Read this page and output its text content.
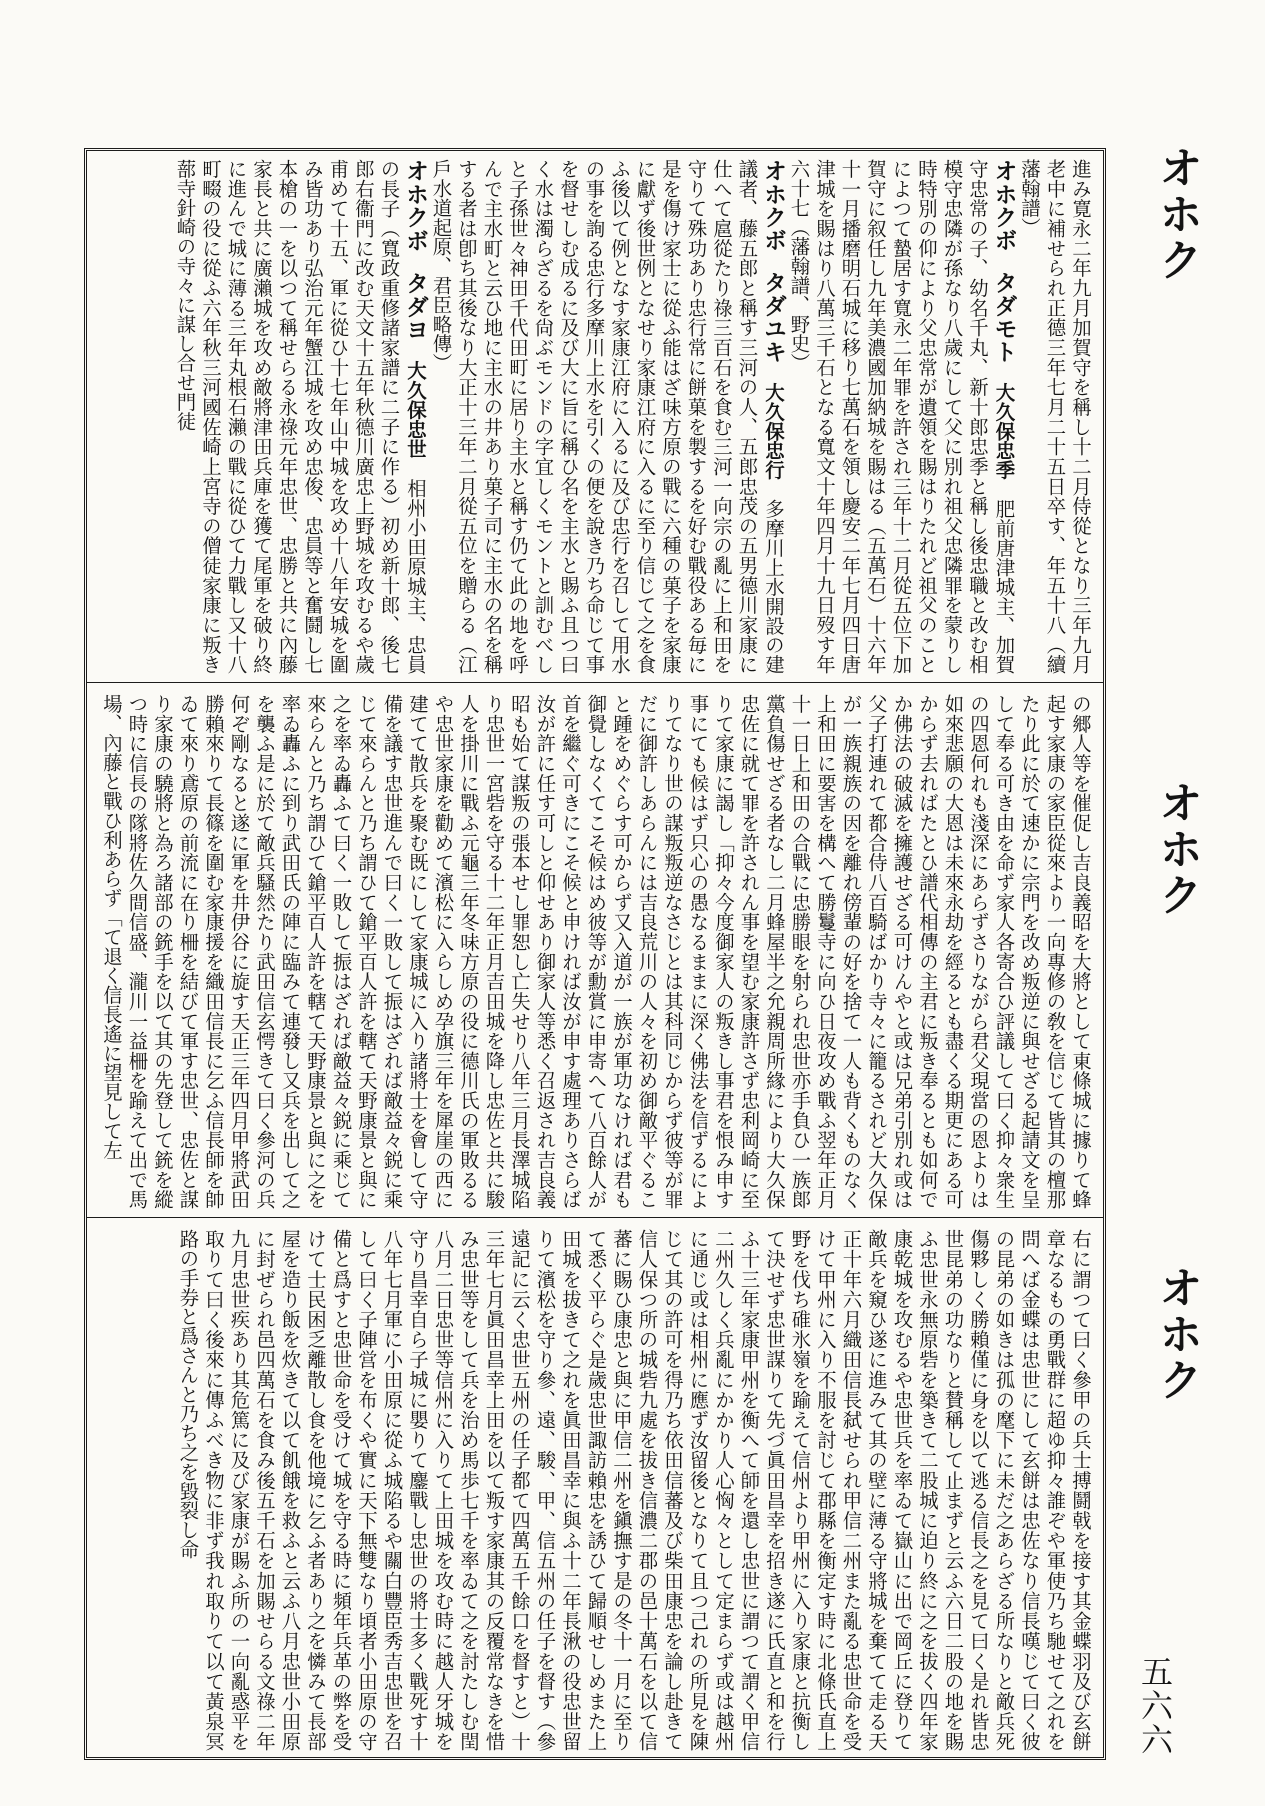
オホク
オホク
オホク
五六六

進み寛永二年九月加賀守を稱し十二月侍從となり三年九月老中に補せられ正德三年七月二十五日卒す、年五十八（續藩翰譜）

オホクボ　タダモト　大久保忠季　肥前唐津城主、加賀守忠常の子、幼名千丸、新十郎忠季と稱し後忠職と改む相模守忠隣が孫なり八歲にして父に別れ祖父忠隣罪を蒙りし時特別の仰により父忠常が遺領を賜はりたれど祖父のことによつて蟄居す寬永二年罪を許され三年十二月從五位下加賀守に叙任し九年美濃國加納城を賜はる（五萬石）十六年十一月播磨明石城に移り七萬石を領し慶安二年七月四日唐津城を賜はり八萬三千石となる寬文十年四月十九日歿す年六十七（藩翰譜、野史）

オホクボ　タダユキ　大久保忠行　多摩川上水開設の建議者、藤五郎と稱す三河の人、五郎忠茂の五男德川家康に仕へて扈從たり祿三百石を食む三河一向宗の亂に上和田を守りて殊功あり忠行常に餅菓を製するを好む戰役ある毎に是を傷け家士に從ふ能はざ味方原の戰に六種の菓子を家康に獻ず後世例となせり家康江府に入るに至り信じて之を食ふ後以て例となす家康江府に入るに及び忠行を召して用水の事を詢る忠行多摩川上水を引くの便を說き乃ち命じて事を督せしむ成るに及び大に旨に稱ひ名を主水と賜ふ且つ曰く水は濁らざるを尙ぶモンドの字宜しくモントと訓むべしと子孫世々神田千代田町に居り主水と稱す仍て此の地を呼んで主水町と云ひ地に主水の井あり菓子司に主水の名を稱する者は卽ち其後なり大正十三年二月從五位を贈らる（江戶水道起原、君臣略傳）

オホクボ　タダヨ　大久保忠世　相州小田原城主、忠員の長子（寬政重修諸家譜に二子に作る）初め新十郎、後七郎右衞門に改む天文十五年秋德川廣忠上野城を攻むるや歲甫めて十五、軍に從ひ十七年山中城を攻め十八年安城を圍み皆功あり弘治元年蟹江城を攻め忠俊、忠員等と奮鬪し七本槍の一を以つて稱せらる永祿元年忠世、忠勝と共に內藤家長と共に廣瀨城を攻め敵將津田兵庫を獲て尾軍を破り終に進んで城に薄る三年丸根石瀨の戰に從ひて力戰し又十八町畷の役に從ふ六年秋三河國佐崎上宮寺の僧徒家康に叛き蔀寺針崎の寺々に謀し合せ門徒

の郷人等を催促し吉良義昭を大將として東條城に據りて蜂起す家康の家臣從來より一向專修の敎を信じて皆其の檀那たり此に於て速かに宗門を改め叛逆に與せざる起請文を呈して奉る可き由を命ず家人各寄合ひ評議して曰く抑々衆生の四恩何れも淺深にあらずさりながら君父現當の恩よりは如來悲願の大恩は未來永劫を經るとも盡くる期更にある可からず去ればたとひ譜代相傳の主君に叛き奉るとも如何でか佛法の破滅を擁護せざる可けんやと或は兄弟引別れ或は父子打連れて都合侍八百騎ばかり寺々に籠るされど大久保が一族親族の因を離れ傍輩の好を捨て一人も背くものなく上和田に要害を構へて勝鬘寺に向ひ日夜攻め戰ふ翌年正月十一日上和田の合戰に忠勝眼を射られ忠世亦手負ひ一族郞黨負傷せざる者なし二月蜂屋半之允親周所緣により大久保忠佐に就て罪を許されん事を望む家康許さず忠利岡崎に至りて家康に謁し「抑々今度御家人の叛きし事君を恨み申す事にても候はず只心の愚なるままに深く佛法を信ずるによりてなり世の謀叛叛逆なさじとは其科同じからず彼等が罪だに御許しあらんには吉良荒川の人々を初め御敵平ぐること踵をめぐらす可からず又入道が一族が軍功なければ君も御覺しなくてこそ候はめ彼等が勳賞に申寄へて八百餘人が首を繼ぐ可きにこそ候と申ければ汝が申す處理ありさらば汝が許に任す可しと仰せあり御家人等悉く召返され吉良義昭も始て謀叛の張本せし罪恕し亡失せり八年三月長澤城陷り忠世一宮砦を守る十二年正月吉田城を降し忠佐と共に駿人を掛川に戰ふ元龜三年冬味方原の役に德川氏の軍敗るるや忠世家康を勸めて濱松に入らしめ孕旗三年を犀崖の西に建てて散兵を聚む既にして家康城に入り諸將士を會して守備を議す忠世進んで曰く一敗して振はざれば敵益々鋭に乘じて來らんと乃ち謂ひて鎗平百人許を轄て天野康景と與に之を率ゐ轟ふて曰く一敗して振はざれば敵益々鋭に乘じて來らんと乃ち謂ひて鎗平百人許を轄て天野康景と與に之を率ゐ轟ふに到り武田氏の陣に臨みて連發し又兵を出して之を襲ふ是に於て敵兵騷然たり武田信玄愕きて曰く參河の兵何ぞ剛なると遂に軍を井伊谷に旋す天正三年四月甲將武田勝賴來りて長篠を圍む家康援を織田信長に乞ふ信長師を帥ゐて來り鳶原の前流に在り柵を結びて軍す忠世、忠佐と謀り家康の驍將と為ろ諸部の銃手を以て其の先登して銃を縱つ時に信長の隊將佐久間信盛、瀧川一益柵を踰えて出で馬場、內藤と戰ひ利あらず「て退く信長遙に望見して左

右に謂つて曰く參甲の兵士搏鬪戟を接す其金蝶羽及び玄餅章なるもの勇戰群に超ゆ抑々誰ぞや軍使乃ち馳せて之れを問へば金蝶は忠世にして玄餅は忠佐なり信長嘆じて曰く彼の昆弟の如きは孤の麾下に未だ之あらざる所なりと敵兵死傷夥しく勝賴僅に身を以て逃る信長之を見て曰く是れ皆忠世昆弟の功なりと賛稱して止まずと云ふ六日二股の地を賜ふ忠世永無原砦を築きて二股城に迫り終に之を拔く四年家康乾城を攻むるや忠世兵を率ゐて嶽山に出で岡丘に登りて敵兵を窺ひ遂に進みて其の壁に薄る守將城を棄てて走る天正十年六月織田信長弑せられ甲信二州また亂る忠世命を受けて甲州に入り不服を討じて郡縣を衡定す時に北條氏直上野を伐ち碓氷嶺を踰えて信州より甲州に入り家康と抗衡して決せず忠世謀りて先づ眞田昌幸を招き遂に氏直と和を行ふ十三年家康甲州を衡へて師を還し忠世に謂つて謂く甲信二州久しく兵亂にかかり人心恟々として定まらず或は越州に通じ或は相州に應ず汝留後となりて且つ己れの所見を陳じて其の許可を得乃ち依田信蕃及び柴田康忠を論し赴きて信人保つ所の城砦九處を拔き信濃二郡の邑十萬石を以て信蕃に賜ひ康忠と與に甲信二州を鎭撫す是の冬十一月に至りて悉く平らぐ是歲忠世諏訪賴忠を誘ひて歸順せしめまた上田城を拔きて之れを眞田昌幸に與ふ十二年長湫の役忠世留りて濱松を守り參、遠、駿、甲、信五州の任子を督す（參遠記に云く忠世五州の任子都て四萬五千餘口を督すと）十三年七月眞田昌幸上田を以て叛す家康其の反覆常なきを惜み忠世等をして兵を治め馬歩七千を率ゐて之を討たしむ閏八月二日忠世等信州に入りて上田城を攻む時に越人牙城を守り昌幸自ら子城に嬰りて鏖戰し忠世の將士多く戰死す十八年七月軍に小田原に從ふ城陷るや關白豐臣秀吉忠世を召して曰く子陣営を布くや實に天下無雙なり頃者小田原の守備と爲すと忠世命を受けて城を守る時に頻年兵革の弊を受けて士民困乏離散し食を他境に乞ふ者あり之を憐みて長部屋を造り飯を炊きて以て飢餓を救ふと云ふ八月忠世小田原に封ぜられ邑四萬石を食み後五千石を加賜せらる文祿二年九月忠世疾あり其危篤に及び家康が賜ふ所の一向亂惑平を取りて曰く後來に傳ふべき物に非ず我れ取りて以て黃泉冥路の手券と爲さんと乃ち之を毀裂し命
